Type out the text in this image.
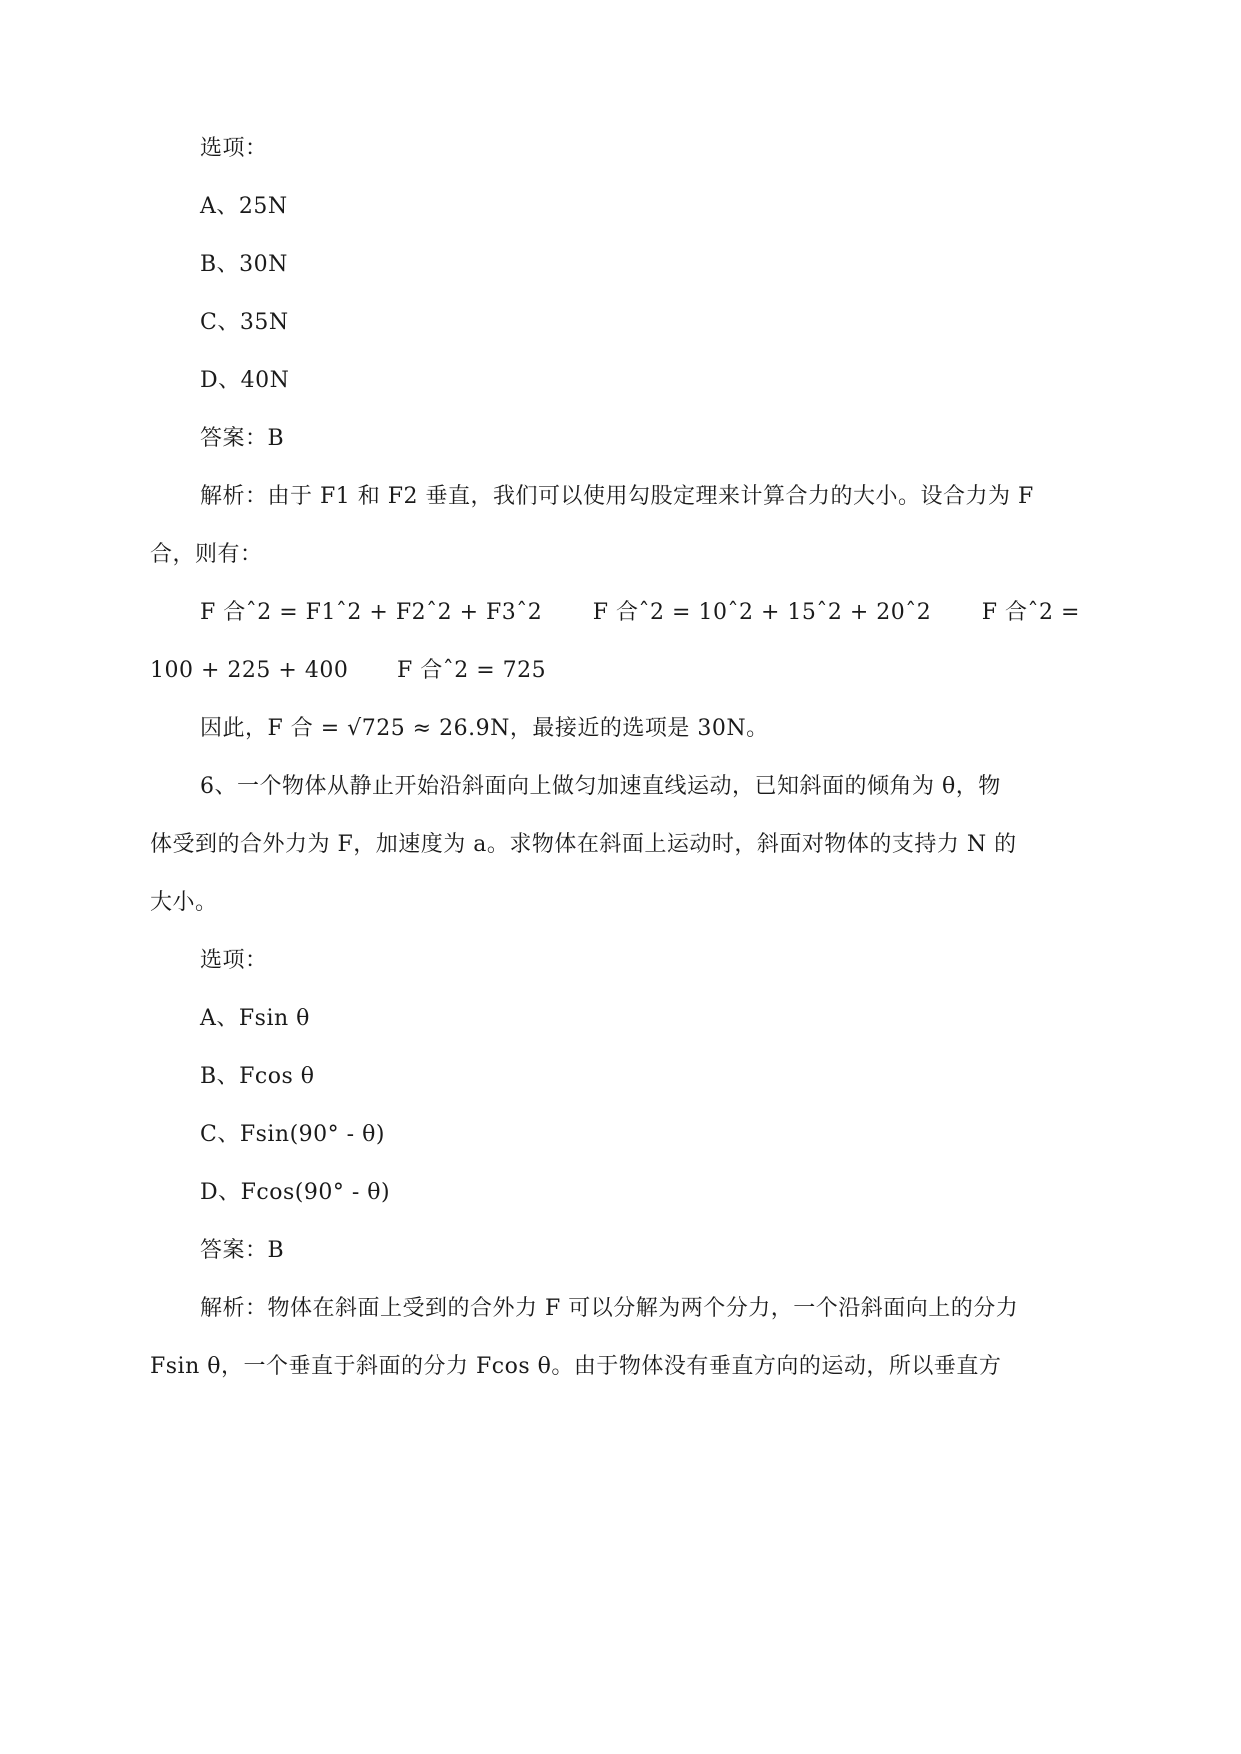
选项：
A、25N
B、30N
C、35N
D、40N
答案：B
解析：由于 F1 和 F2 垂直，我们可以使用勾股定理来计算合力的大小。设合力为 F
合，则有：
F 合ˆ2 = F1ˆ2 + F2ˆ2 + F3ˆ2 F 合ˆ2 = 10ˆ2 + 15ˆ2 + 20ˆ2 F 合ˆ2 =
100 + 225 + 400 F 合ˆ2 = 725
因此，F 合 = √725 ≈ 26.9N，最接近的选项是 30N。
6、一个物体从静止开始沿斜面向上做匀加速直线运动，已知斜面的倾角为 θ，物
体受到的合外力为 F，加速度为 a。求物体在斜面上运动时，斜面对物体的支持力 N 的
大小。
选项：
A、Fsin θ
B、Fcos θ
C、Fsin(90° - θ)
D、Fcos(90° - θ)
答案：B
解析：物体在斜面上受到的合外力 F 可以分解为两个分力，一个沿斜面向上的分力
Fsin θ，一个垂直于斜面的分力 Fcos θ。由于物体没有垂直方向的运动，所以垂直方
